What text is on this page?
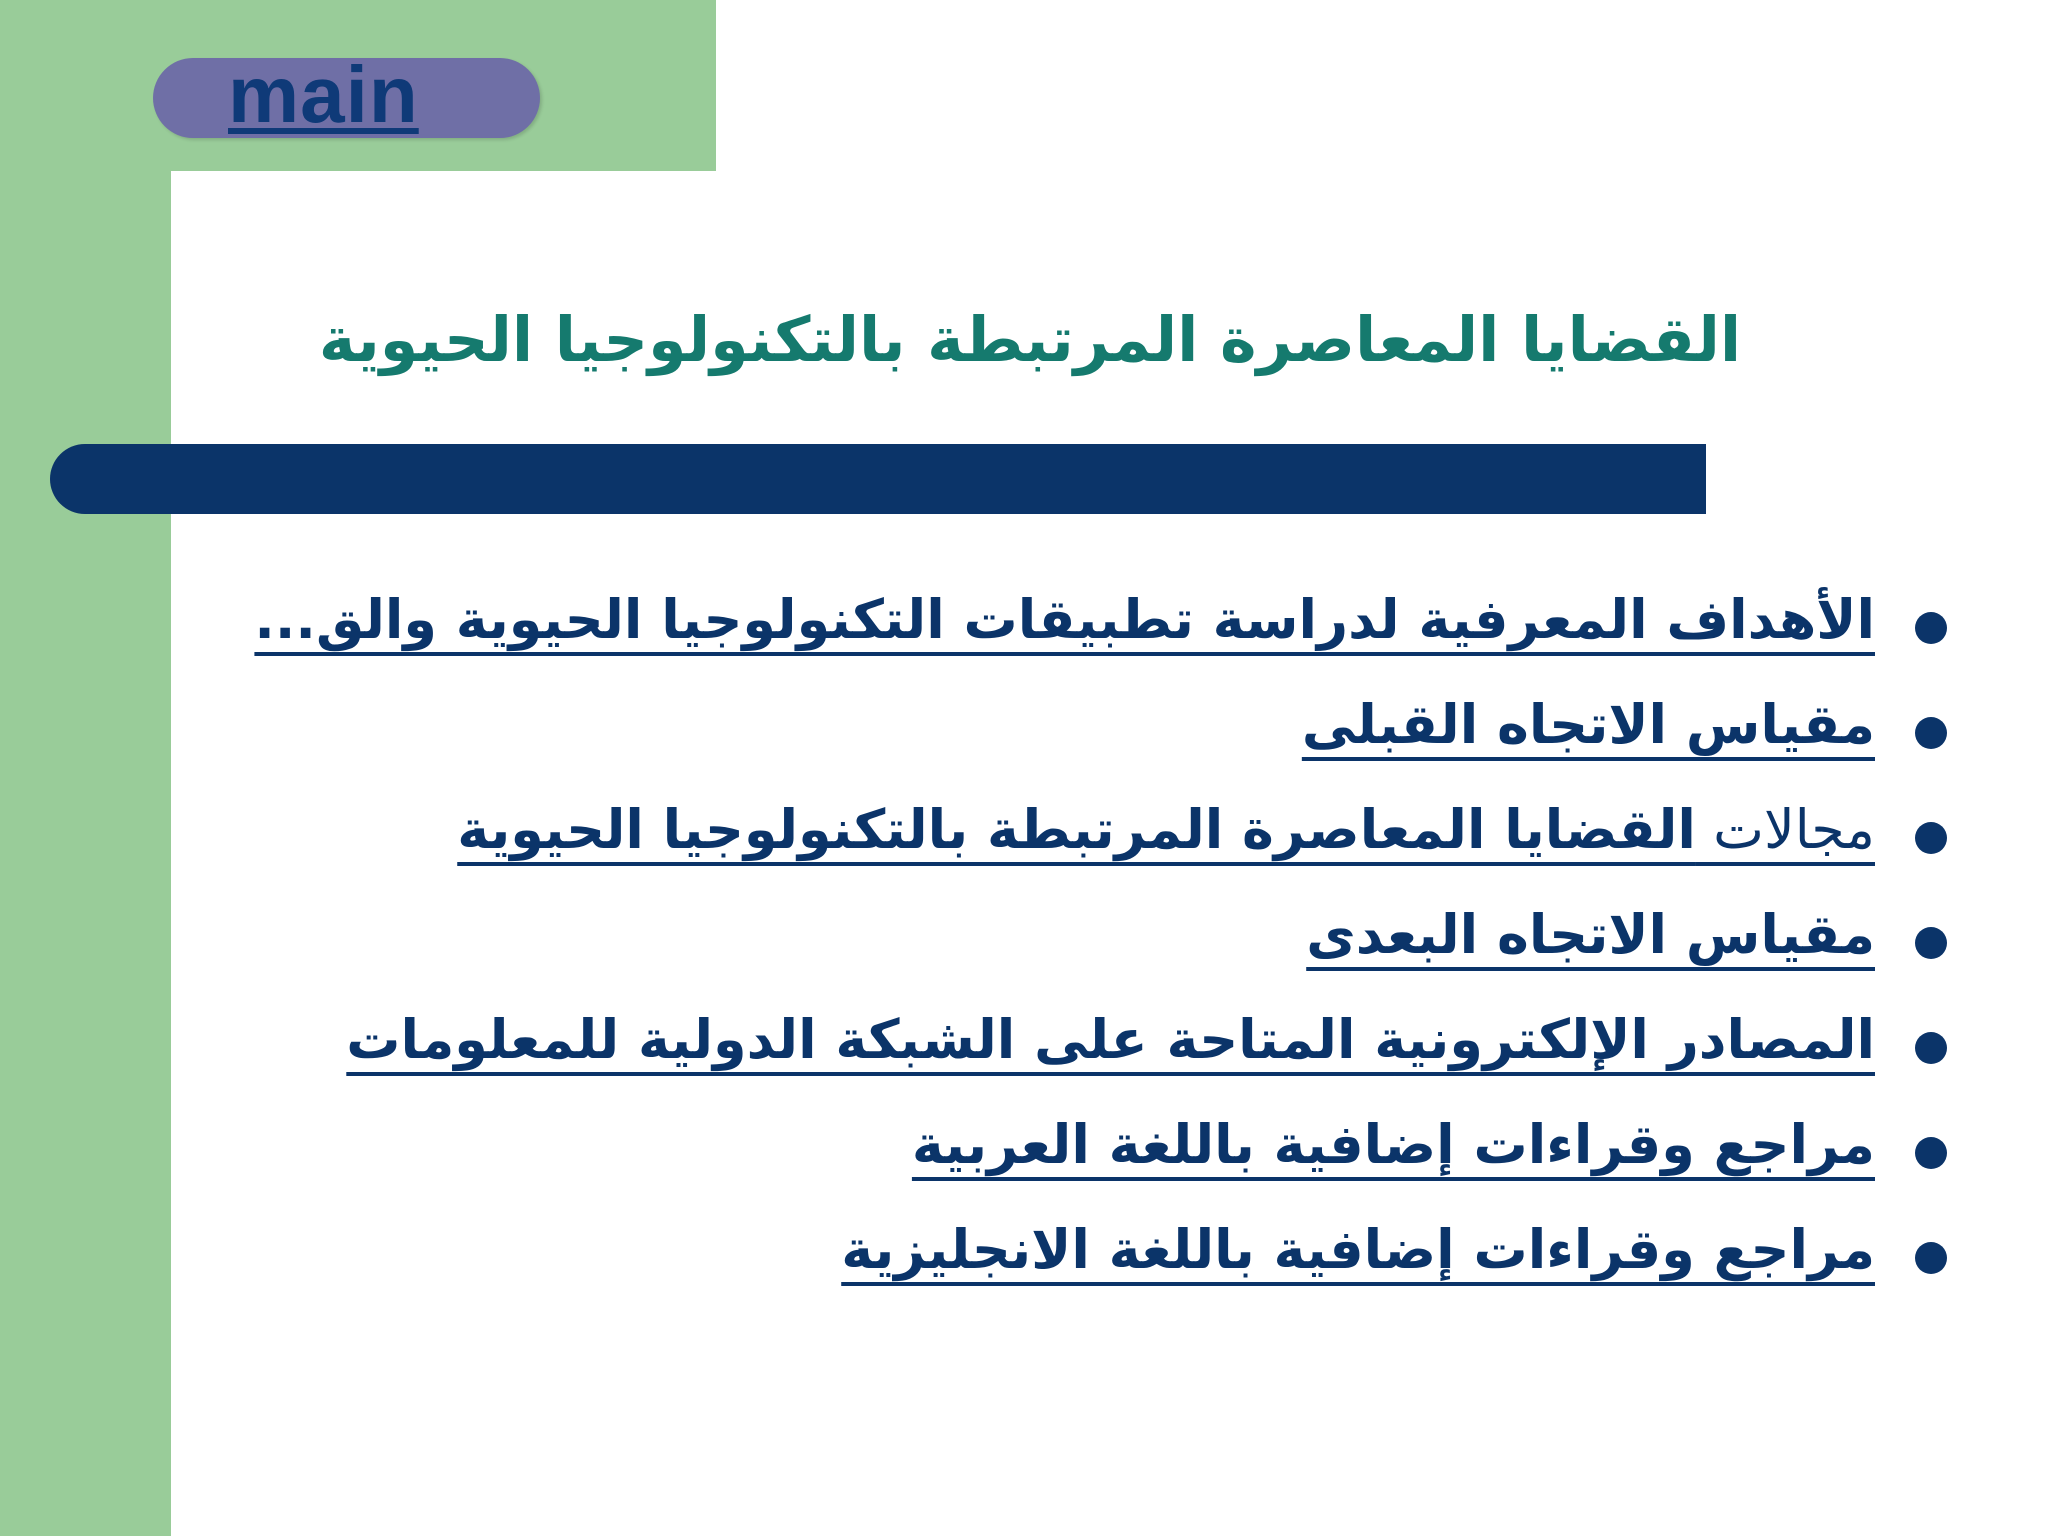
main
القضايا المعاصرة المرتبطة بالتكنولوجيا الحيوية
الأهداف المعرفية لدراسة تطبيقات التكنولوجيا الحيوية والق...
مقياس الاتجاه القبلى
مجالات القضايا المعاصرة المرتبطة بالتكنولوجيا الحيوية
مقياس الاتجاه البعدى
المصادر الإلكترونية المتاحة على الشبكة الدولية للمعلومات
مراجع وقراءات إضافية باللغة العربية
مراجع وقراءات إضافية باللغة الانجليزية
